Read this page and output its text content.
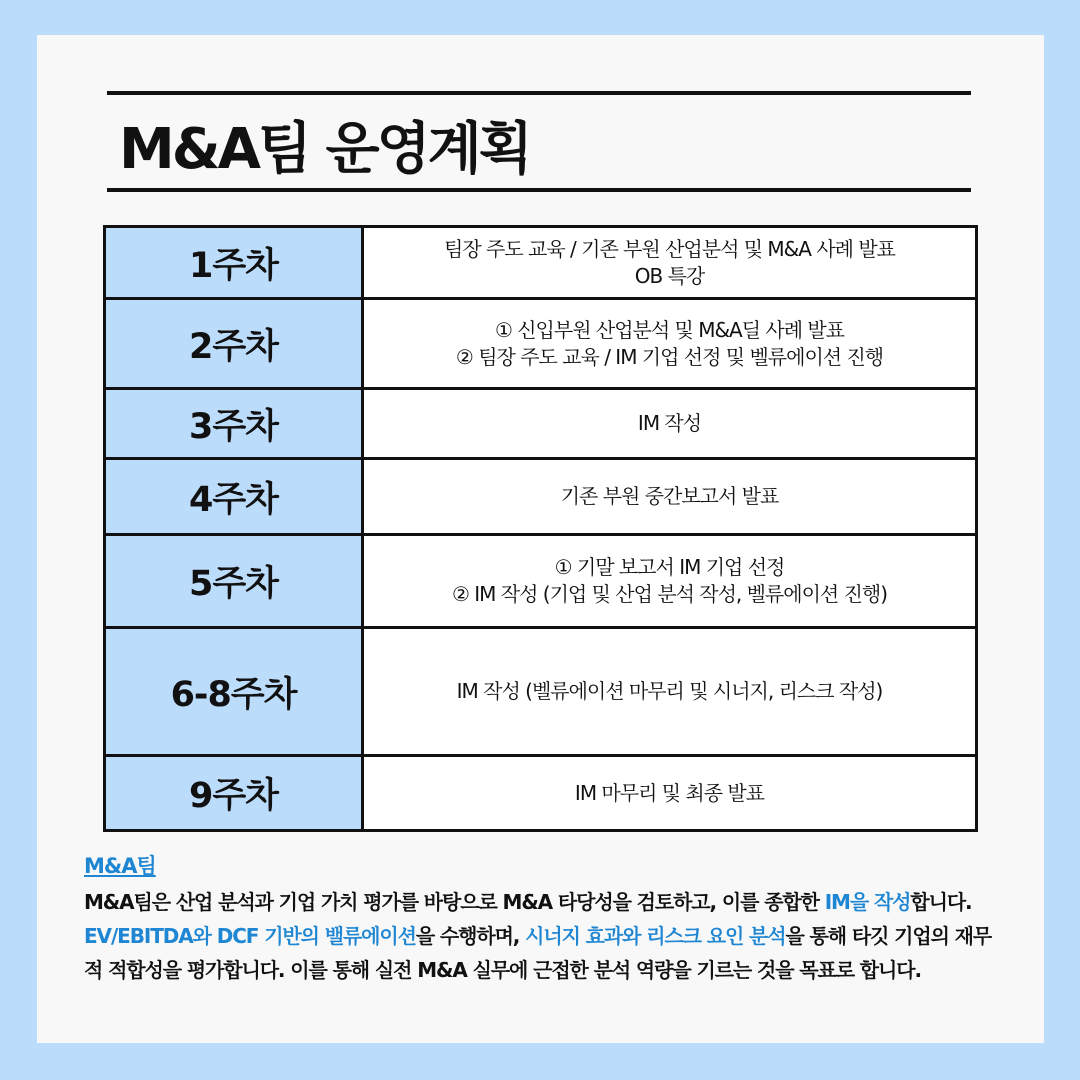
M&A팀 운영계획
1주차	팀장 주도 교육 / 기존 부원 산업분석 및 M&A 사례 발표
OB 특강

2주차	① 신입부원 산업분석 및 M&A딜 사례 발표
② 팀장 주도 교육 / IM 기업 선정 및 벨류에이션 진행

3주차	IM 작성

4주차	기존 부원 중간보고서 발표

5주차	① 기말 보고서 IM 기업 선정
② IM 작성 (기업 및 산업 분석 작성, 벨류에이션 진행)

6-8주차	IM 작성 (벨류에이션 마무리 및 시너지, 리스크 작성)

9주차	IM 마무리 및 최종 발표
M&A팀
M&A팀은 산업 분석과 기업 가치 평가를 바탕으로 M&A 타당성을 검토하고, 이를 종합한 IM을 작성합니다. EV/EBITDA와 DCF 기반의 밸류에이션을 수행하며, 시너지 효과와 리스크 요인 분석을 통해 타깃 기업의 재무적 적합성을 평가합니다. 이를 통해 실전 M&A 실무에 근접한 분석 역량을 기르는 것을 목표로 합니다.
